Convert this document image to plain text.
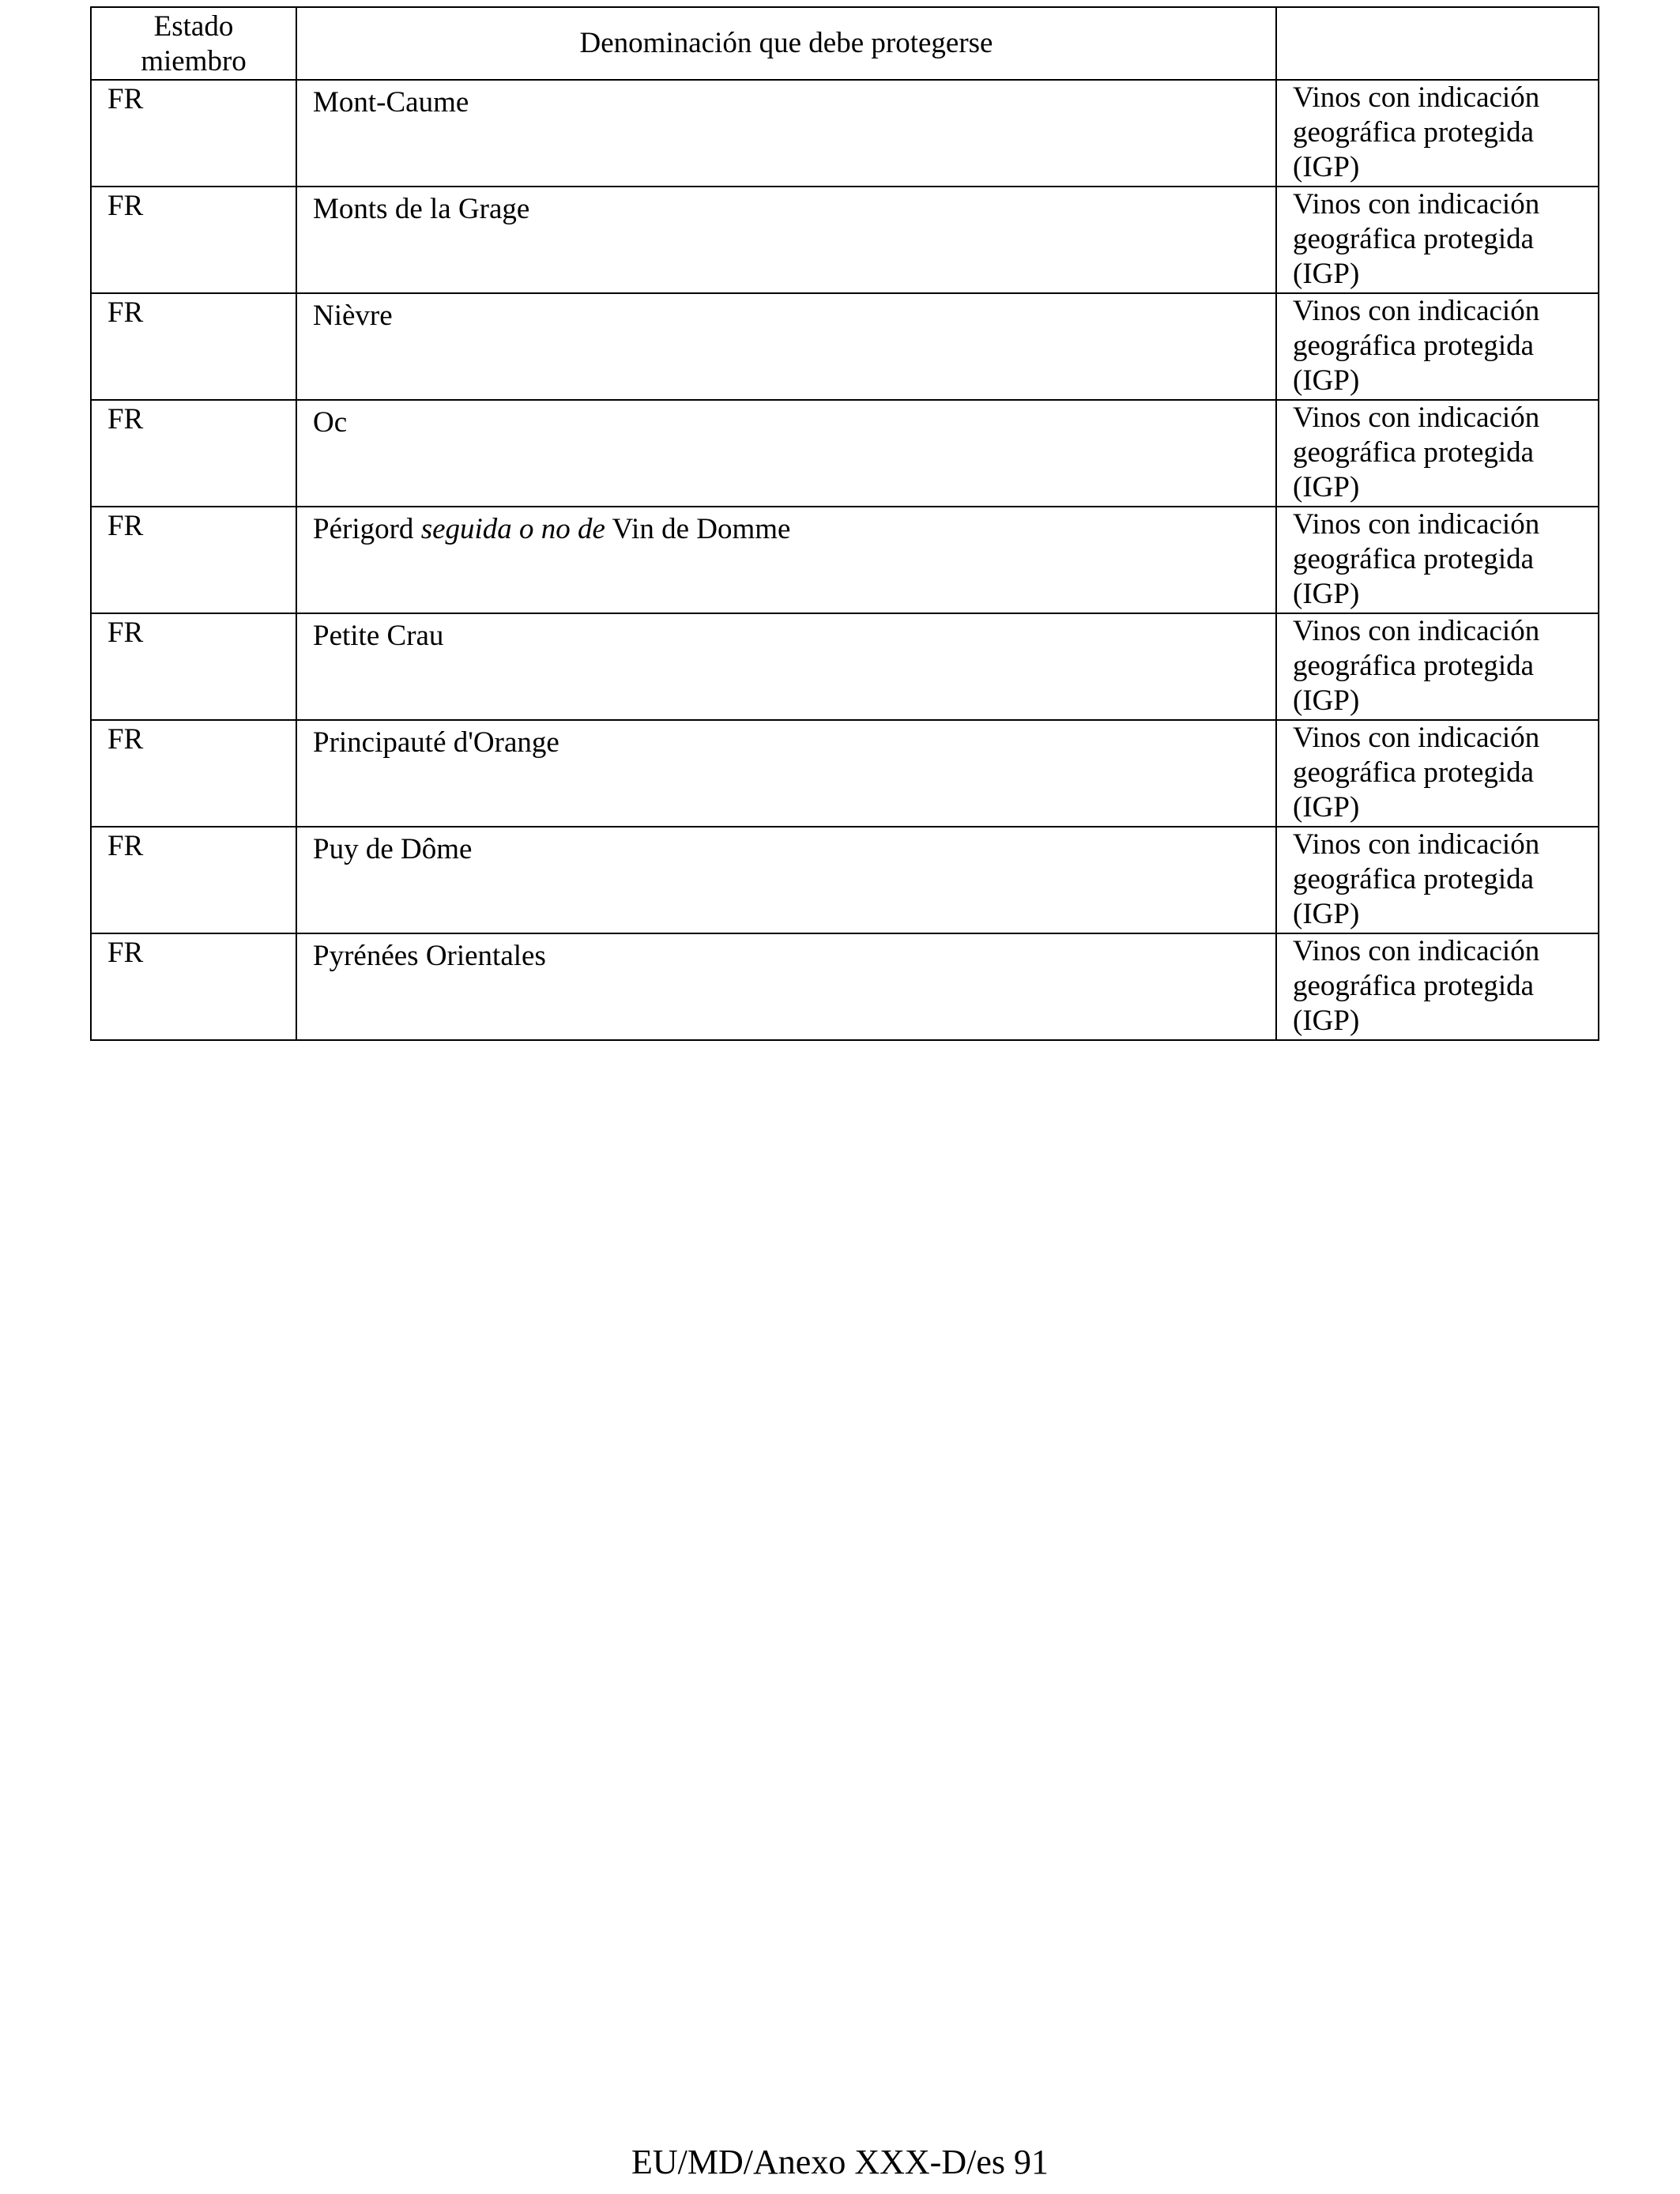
Estado miembro	Denominación que debe protegerse	
FR	Mont-Caume	Vinos con indicación geográfica protegida (IGP)
FR	Monts de la Grage	Vinos con indicación geográfica protegida (IGP)
FR	Nièvre	Vinos con indicación geográfica protegida (IGP)
FR	Oc	Vinos con indicación geográfica protegida (IGP)
FR	Périgord seguida o no de Vin de Domme	Vinos con indicación geográfica protegida (IGP)
FR	Petite Crau	Vinos con indicación geográfica protegida (IGP)
FR	Principauté d'Orange	Vinos con indicación geográfica protegida (IGP)
FR	Puy de Dôme	Vinos con indicación geográfica protegida (IGP)
FR	Pyrénées Orientales	Vinos con indicación geográfica protegida (IGP)
EU/MD/Anexo XXX-D/es 91
